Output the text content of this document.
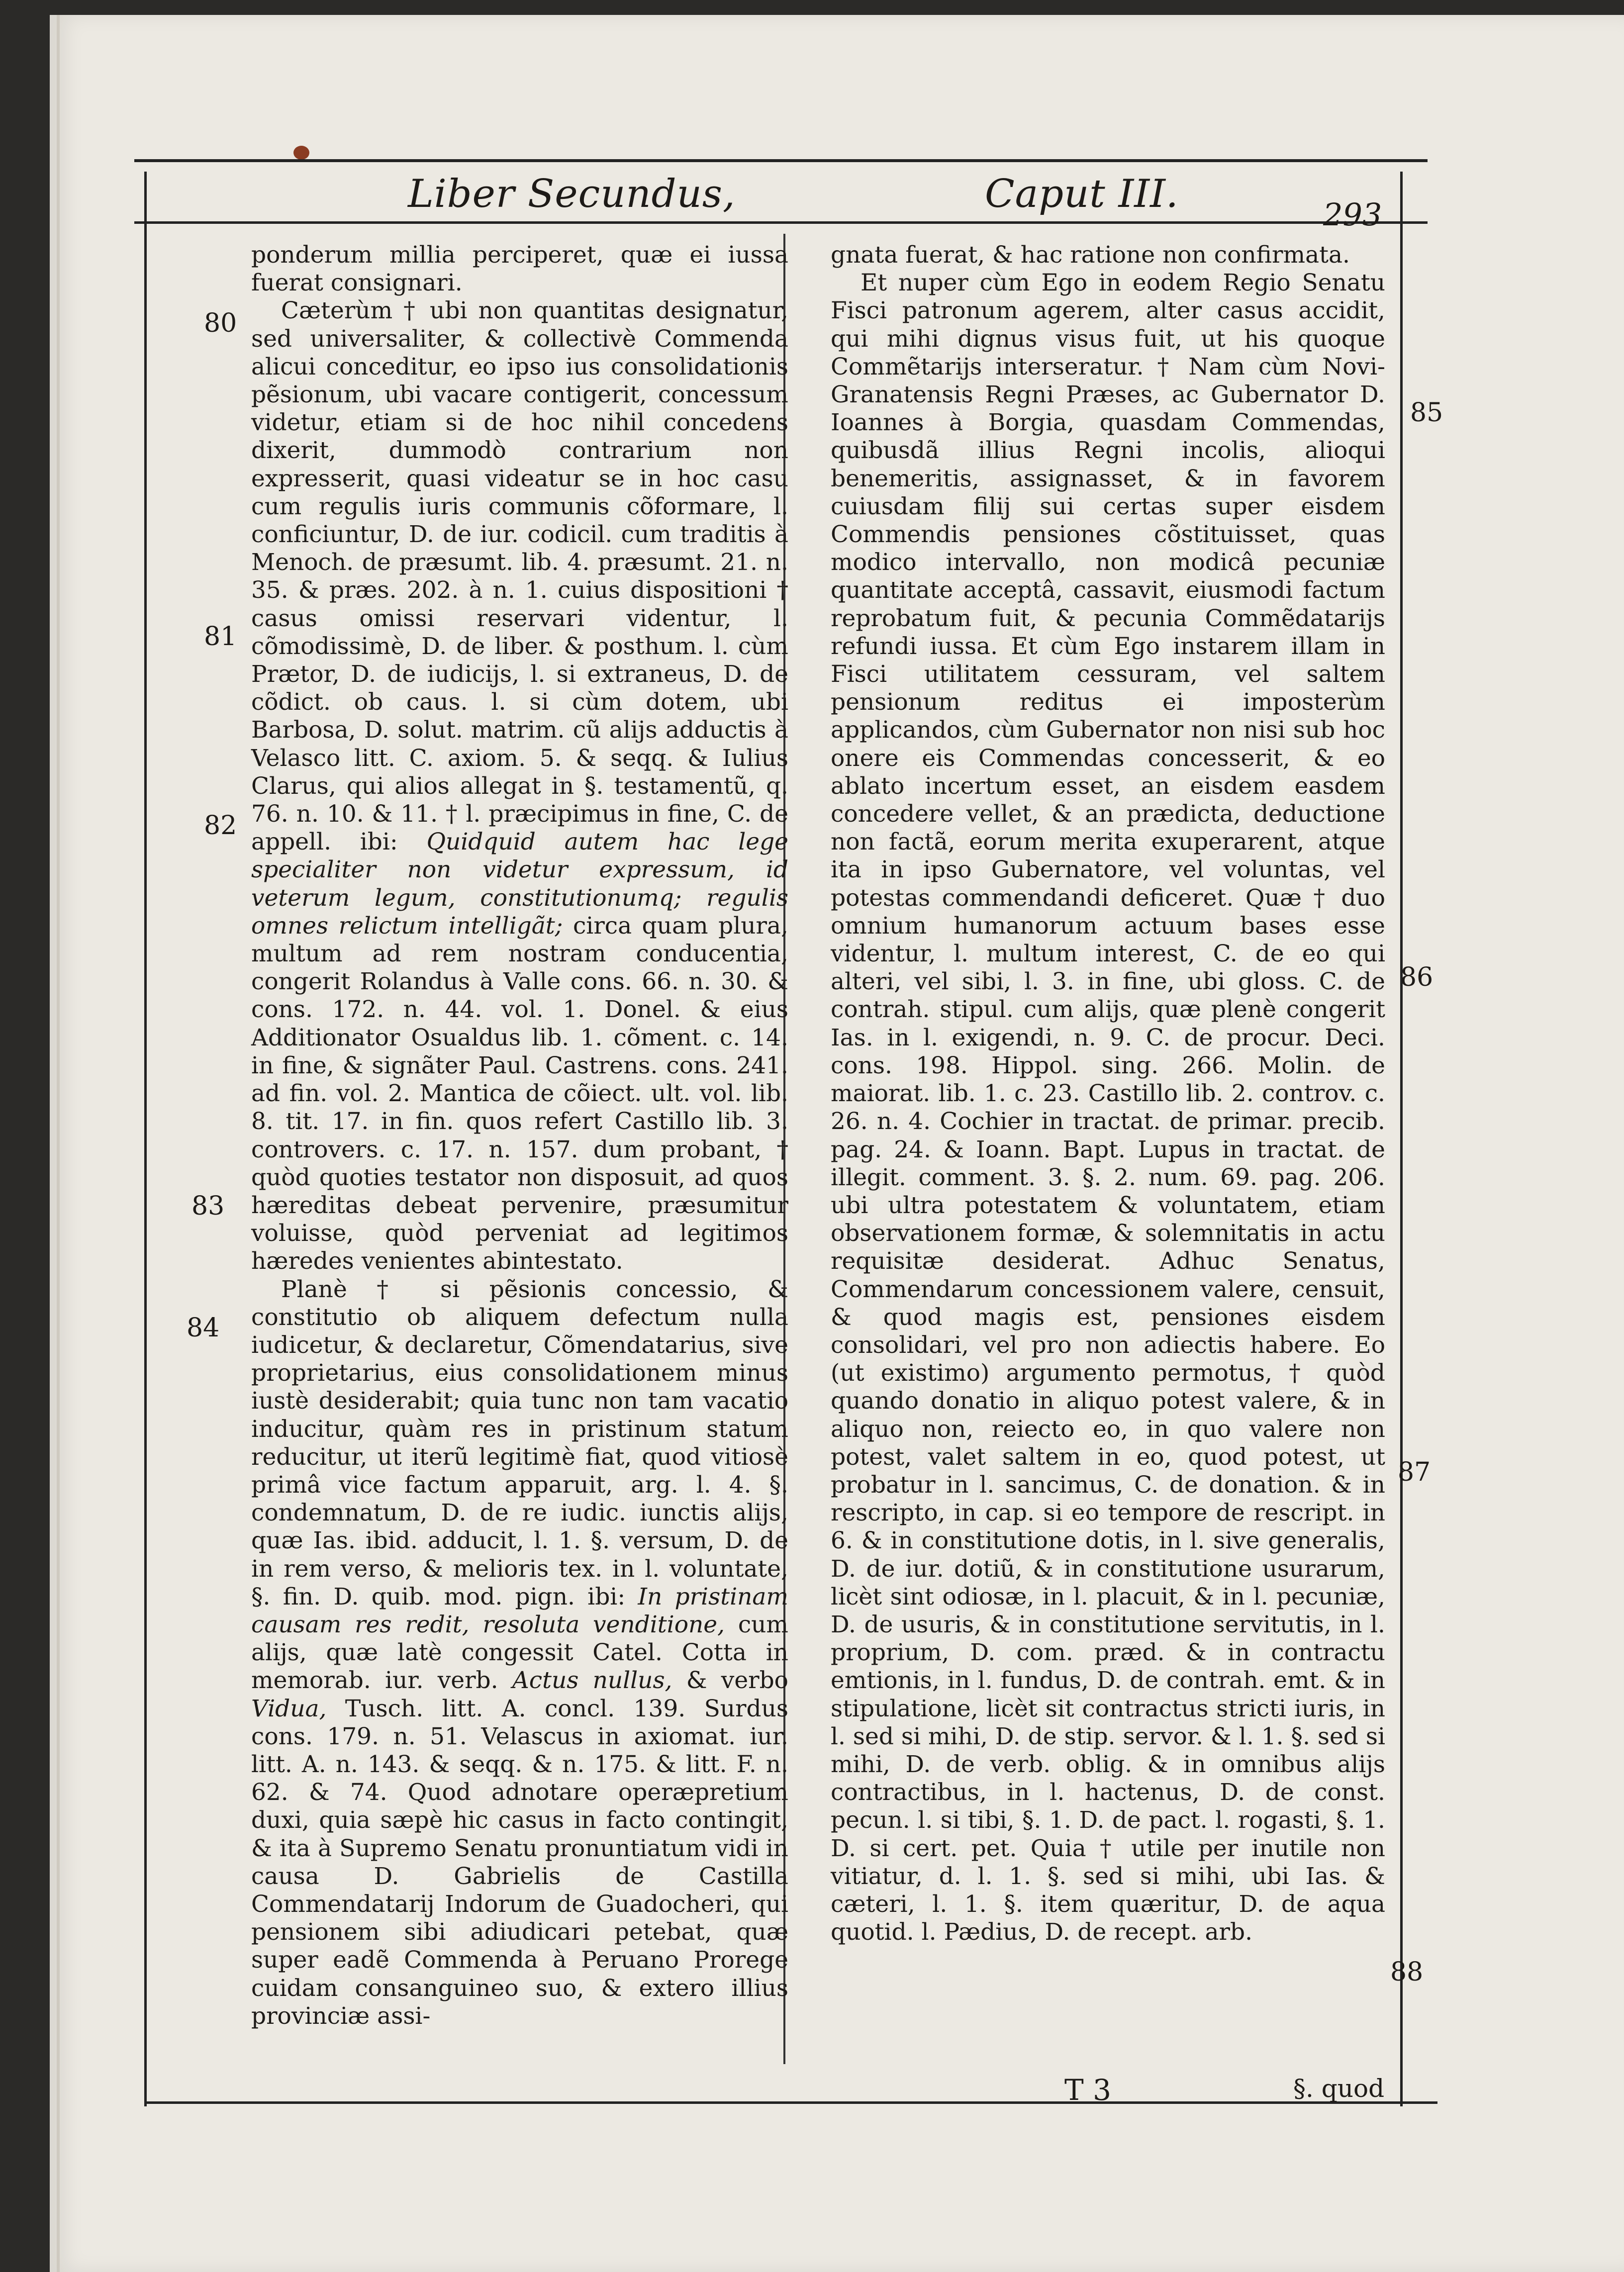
Liber Secundus,	Caput III.	293
80
81
82
83
84
85
86
87
88

ponderum millia perciperet, quæ ei iussa fuerat consignari.

Cæterùm † ubi non quantitas designatur, sed universaliter, & collectivè Commenda alicui conceditur, eo ipso ius consolidationis pẽsionum, ubi vacare contigerit, concessum videtur, etiam si de hoc nihil concedens dixerit, dummodò contrarium non expresserit, quasi videatur se in hoc casu cum regulis iuris communis cõformare, l. conficiuntur, D. de iur. codicil. cum traditis à Menoch. de præsumt. lib. 4. præsumt. 21. n. 35. & præs. 202. à n. 1. cuius dispositioni † casus omissi reservari videntur, l. cõmodissimè, D. de liber. & posthum. l. cùm Prætor, D. de iudicijs, l. si extraneus, D. de cõdict. ob caus. l. si cùm dotem, ubi Barbosa, D. solut. matrim. cũ alijs adductis à Velasco litt. C. axiom. 5. & seqq. & Iulius Clarus, qui alios allegat in §. testamentũ, q. 76. n. 10. & 11. † l. præcipimus in fine, C. de appell. ibi: Quidquid autem hac lege specialiter non videtur expressum, id veterum legum, constitutionumq; regulis omnes relictum intelligãt; circa quam plura, multum ad rem nostram conducentia, congerit Rolandus à Valle cons. 66. n. 30. & cons. 172. n. 44. vol. 1. Donel. & eius Additionator Osualdus lib. 1. cõment. c. 14. in fine, & signãter Paul. Castrens. cons. 241. ad fin. vol. 2. Mantica de cõiect. ult. vol. lib. 8. tit. 17. in fin. quos refert Castillo lib. 3. controvers. c. 17. n. 157. dum probant, † quòd quoties testator non disposuit, ad quos hæreditas debeat pervenire, præsumitur voluisse, quòd perveniat ad legitimos hæredes venientes abintestato.

Planè † si pẽsionis concessio, & constitutio ob aliquem defectum nulla iudicetur, & declaretur, Cõmendatarius, sive proprietarius, eius consolidationem minus iustè desiderabit; quia tunc non tam vacatio inducitur, quàm res in pristinum statum reducitur, ut iterũ legitimè fiat, quod vitiosè primâ vice factum apparuit, arg. l. 4. §. condemnatum, D. de re iudic. iunctis alijs, quæ Ias. ibid. adducit, l. 1. §. versum, D. de in rem verso, & melioris tex. in l. voluntate, §. fin. D. quib. mod. pign. ibi: In pristinam causam res redit, resoluta venditione, cum alijs, quæ latè congessit Catel. Cotta in memorab. iur. verb. Actus nullus, & verbo Vidua, Tusch. litt. A. concl. 139. Surdus cons. 179. n. 51. Velascus in axiomat. iur. litt. A. n. 143. & seqq. & n. 175. & litt. F. n. 62. & 74. Quod adnotare operæpretium duxi, quia sæpè hic casus in facto contingit, & ita à Supremo Senatu pronuntiatum vidi in causa D. Gabrielis de Castilla Commendatarij Indorum de Guadocheri, qui pensionem sibi adiudicari petebat, quæ super eadẽ Commenda à Peruano Prorege cuidam consanguineo suo, & extero illius provinciæ assi-

gnata fuerat, & hac ratione non confirmata.

Et nuper cùm Ego in eodem Regio Senatu Fisci patronum agerem, alter casus accidit, qui mihi dignus visus fuit, ut his quoque Commẽtarijs interseratur. † Nam cùm Novi-Granatensis Regni Præses, ac Gubernator D. Ioannes à Borgia, quasdam Commendas, quibusdã illius Regni incolis, alioqui benemeritis, assignasset, & in favorem cuiusdam filij sui certas super eisdem Commendis pensiones cõstituisset, quas modico intervallo, non modicâ pecuniæ quantitate acceptâ, cassavit, eiusmodi factum reprobatum fuit, & pecunia Commẽdatarijs refundi iussa. Et cùm Ego instarem illam in Fisci utilitatem cessuram, vel saltem pensionum reditus ei imposterùm applicandos, cùm Gubernator non nisi sub hoc onere eis Commendas concesserit, & eo ablato incertum esset, an eisdem easdem concedere vellet, & an prædicta, deductione non factã, eorum merita exuperarent, atque ita in ipso Gubernatore, vel voluntas, vel potestas commendandi deficeret. Quæ † duo omnium humanorum actuum bases esse videntur, l. multum interest, C. de eo qui alteri, vel sibi, l. 3. in fine, ubi gloss. C. de contrah. stipul. cum alijs, quæ plenè congerit Ias. in l. exigendi, n. 9. C. de procur. Deci. cons. 198. Hippol. sing. 266. Molin. de maiorat. lib. 1. c. 23. Castillo lib. 2. controv. c. 26. n. 4. Cochier in tractat. de primar. precib. pag. 24. & Ioann. Bapt. Lupus in tractat. de illegit. comment. 3. §. 2. num. 69. pag. 206. ubi ultra potestatem & voluntatem, etiam observationem formæ, & solemnitatis in actu requisitæ desiderat. Adhuc Senatus, Commendarum concessionem valere, censuit, & quod magis est, pensiones eisdem consolidari, vel pro non adiectis habere. Eo (ut existimo) argumento permotus, † quòd quando donatio in aliquo potest valere, & in aliquo non, reiecto eo, in quo valere non potest, valet saltem in eo, quod potest, ut probatur in l. sancimus, C. de donation. & in rescripto, in cap. si eo tempore de rescript. in 6. & in constitutione dotis, in l. sive generalis, D. de iur. dotiũ, & in constitutione usurarum, licèt sint odiosæ, in l. placuit, & in l. pecuniæ, D. de usuris, & in constitutione servitutis, in l. proprium, D. com. præd. & in contractu emtionis, in l. fundus, D. de contrah. emt. & in stipulatione, licèt sit contractus stricti iuris, in l. sed si mihi, D. de stip. servor. & l. 1. §. sed si mihi, D. de verb. oblig. & in omnibus alijs contractibus, in l. hactenus, D. de const. pecun. l. si tibi, §. 1. D. de pact. l. rogasti, §. 1. D. si cert. pet. Quia † utile per inutile non vitiatur, d. l. 1. §. sed si mihi, ubi Ias. & cæteri, l. 1. §. item quæritur, D. de aqua quotid. l. Pædius, D. de recept. arb.

T 3	§. quod
